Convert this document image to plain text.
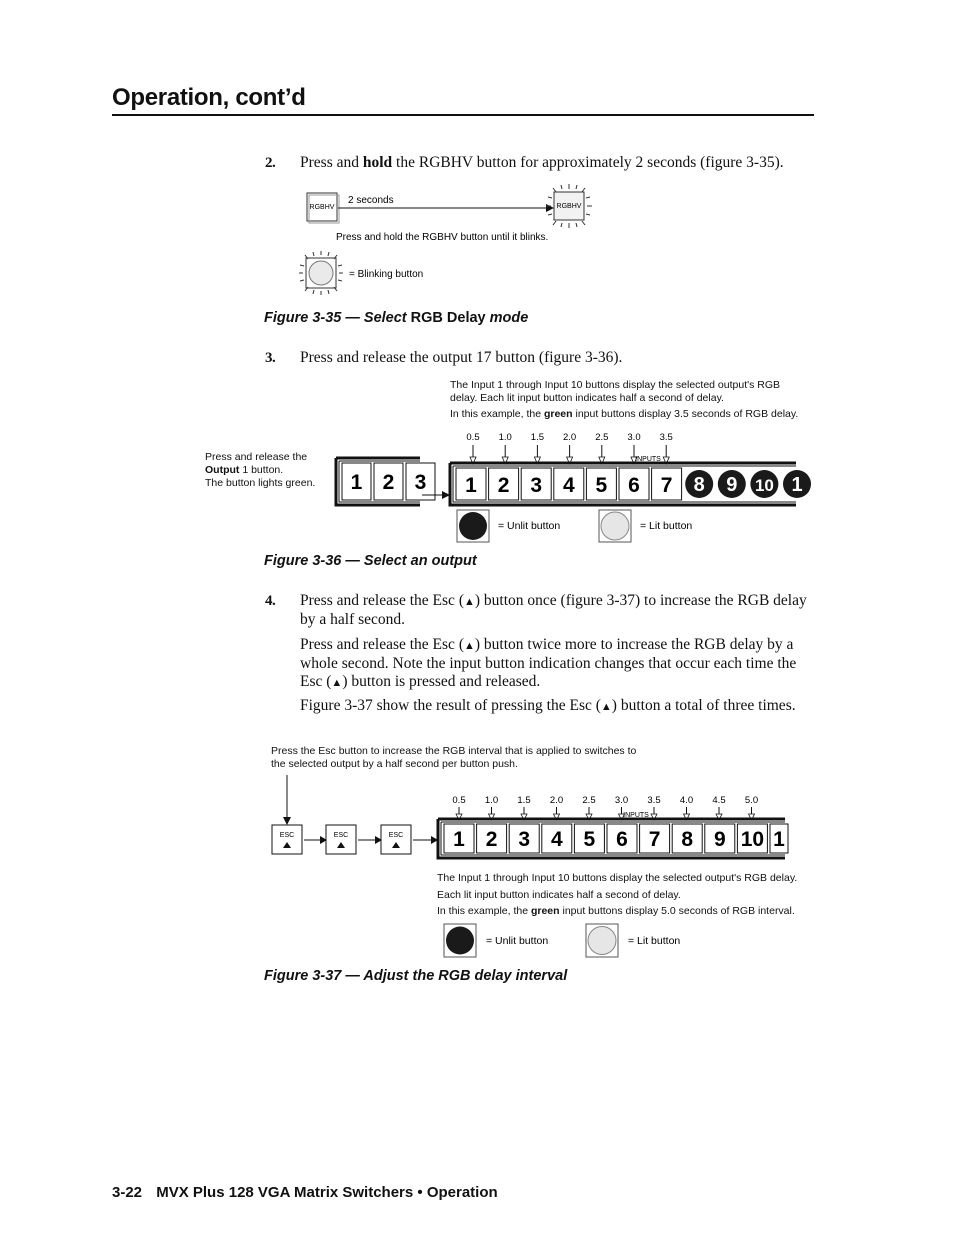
Operation, cont’d
2 . Press and hold the RGBHV button for approximately 2 seconds (figure 3-35).
RGBHV
2 seconds
RGBHV
Press and hold the RGBHV button until it blinks.
= Blinking button
Figure 3-35 — Select RGB Delay mode
3 . Press and release the output 17 button (figure 3-36).
The Input 1 through Input 10 buttons display the selected output's RGB
delay. Each lit input button indicates half a second of delay.
In this example, the green input buttons display 3.5 seconds of RGB delay.
Press and release the
Output 1 button.
The button lights green.
0.5 1.0 1.5 2.0 2.5 3.0 3.5
1 2 3
INPUTS
1 2 3 4 5 6 7 8 9 10 1
= Unlit button	= Lit button
Figure 3-36 — Select an output
4 . Press and release the Esc (▲) button once (figure 3-37) to increase the RGB delay by a half second.
Press and release the Esc (▲) button twice more to increase the RGB delay by a whole second. Note the input button indication changes that occur each time the Esc (▲) button is pressed and released.
Figure 3-37 show the result of pressing the Esc (▲) button a total of three times.
Press the Esc button to increase the RGB interval that is applied to switches to
the selected output by a half second per button push.
ESC	ESC	ESC
0.5 1.0 1.5 2.0 2.5 3.0 3.5 4.0 4.5 5.0
INPUTS
1 2 3 4 5 6 7 8 9 10 1
The Input 1 through Input 10 buttons display the selected output's RGB delay.
Each lit input button indicates half a second of delay.
In this example, the green input buttons display 5.0 seconds of RGB interval.
= Unlit button	= Lit button
Figure 3-37 — Adjust the RGB delay interval
3-22 MVX Plus 128 VGA Matrix Switchers • Operation
